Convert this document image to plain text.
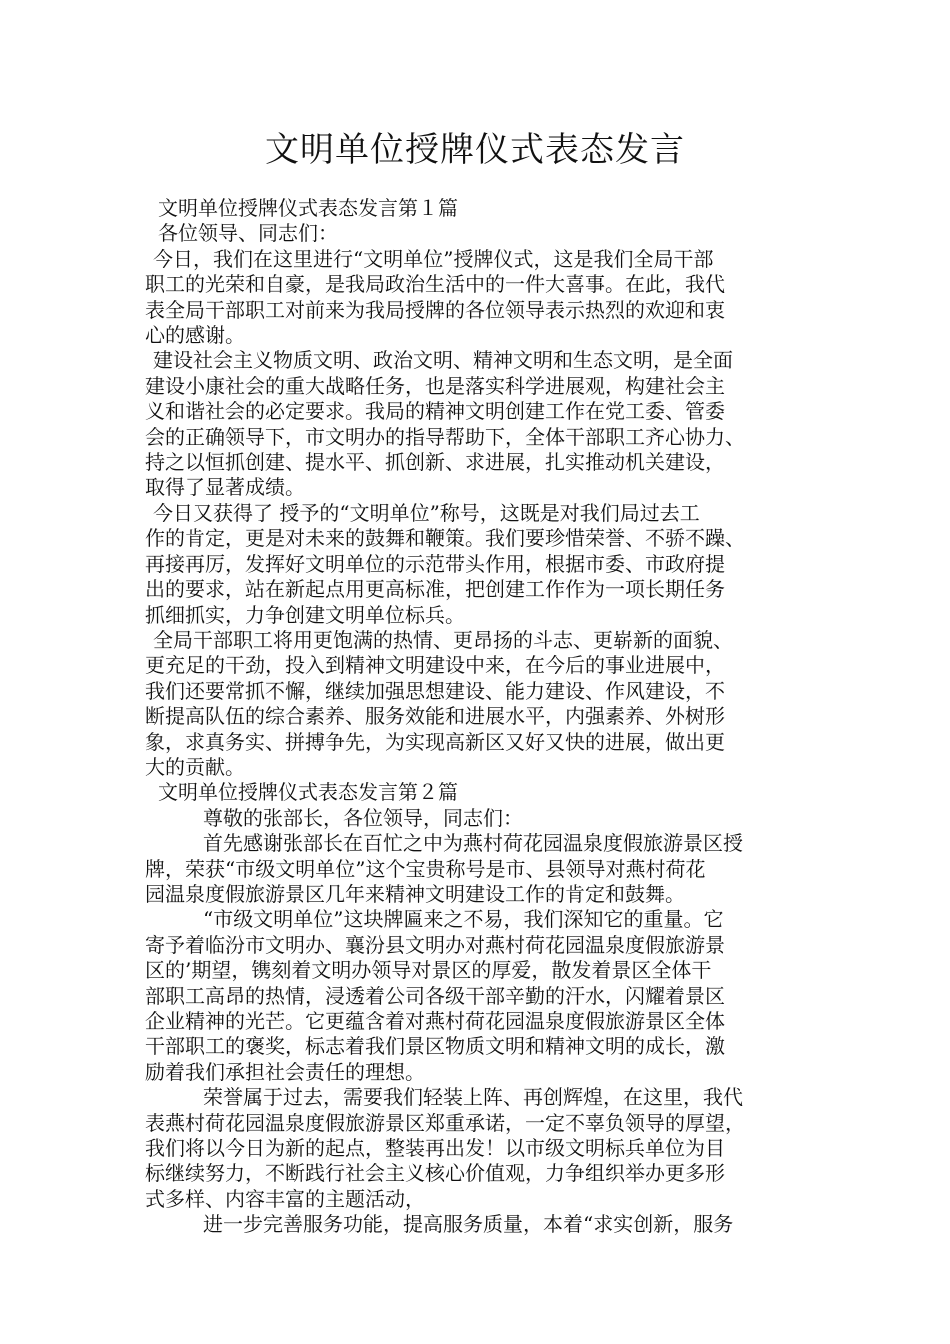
文明单位授牌仪式表态发言

文明单位授牌仪式表态发言第１篇

各位领导、同志们：

今日，我们在这里进行“文明单位”授牌仪式，这是我们全局干部

职工的光荣和自豪，是我局政治生活中的一件大喜事。在此，我代

表全局干部职工对前来为我局授牌的各位领导表示热烈的欢迎和衷

心的感谢。

建设社会主义物质文明、政治文明、精神文明和生态文明，是全面

建设小康社会的重大战略任务，也是落实科学进展观，构建社会主

义和谐社会的必定要求。我局的精神文明创建工作在党工委、管委

会的正确领导下，市文明办的指导帮助下，全体干部职工齐心协力、

持之以恒抓创建、提水平、抓创新、求进展，扎实推动机关建设，

取得了显著成绩。

今日又获得了 授予的“文明单位”称号，这既是对我们局过去工

作的肯定，更是对未来的鼓舞和鞭策。我们要珍惜荣誉、不骄不躁、

再接再厉，发挥好文明单位的示范带头作用，根据市委、市政府提

出的要求，站在新起点用更高标准，把创建工作作为一项长期任务

抓细抓实，力争创建文明单位标兵。

全局干部职工将用更饱满的热情、更昂扬的斗志、更崭新的面貌、

更充足的干劲，投入到精神文明建设中来，在今后的事业进展中，

我们还要常抓不懈，继续加强思想建设、能力建设、作风建设，不

断提高队伍的综合素养、服务效能和进展水平，内强素养、外树形

象，求真务实、拼搏争先，为实现高新区又好又快的进展，做出更

大的贡献。

文明单位授牌仪式表态发言第２篇

尊敬的张部长，各位领导，同志们：

首先感谢张部长在百忙之中为燕村荷花园温泉度假旅游景区授

牌，荣获“市级文明单位”这个宝贵称号是市、县领导对燕村荷花

园温泉度假旅游景区几年来精神文明建设工作的肯定和鼓舞。

“市级文明单位”这块牌匾来之不易，我们深知它的重量。它

寄予着临汾市文明办、襄汾县文明办对燕村荷花园温泉度假旅游景

区的’期望，镌刻着文明办领导对景区的厚爱，散发着景区全体干

部职工高昂的热情，浸透着公司各级干部辛勤的汗水，闪耀着景区

企业精神的光芒。它更蕴含着对燕村荷花园温泉度假旅游景区全体

干部职工的褒奖，标志着我们景区物质文明和精神文明的成长，激

励着我们承担社会责任的理想。

荣誉属于过去，需要我们轻装上阵、再创辉煌，在这里，我代

表燕村荷花园温泉度假旅游景区郑重承诺，一定不辜负领导的厚望，

我们将以今日为新的起点，整装再出发！以市级文明标兵单位为目

标继续努力，不断践行社会主义核心价值观，力争组织举办更多形

式多样、内容丰富的主题活动，

进一步完善服务功能，提高服务质量，本着“求实创新，服务
